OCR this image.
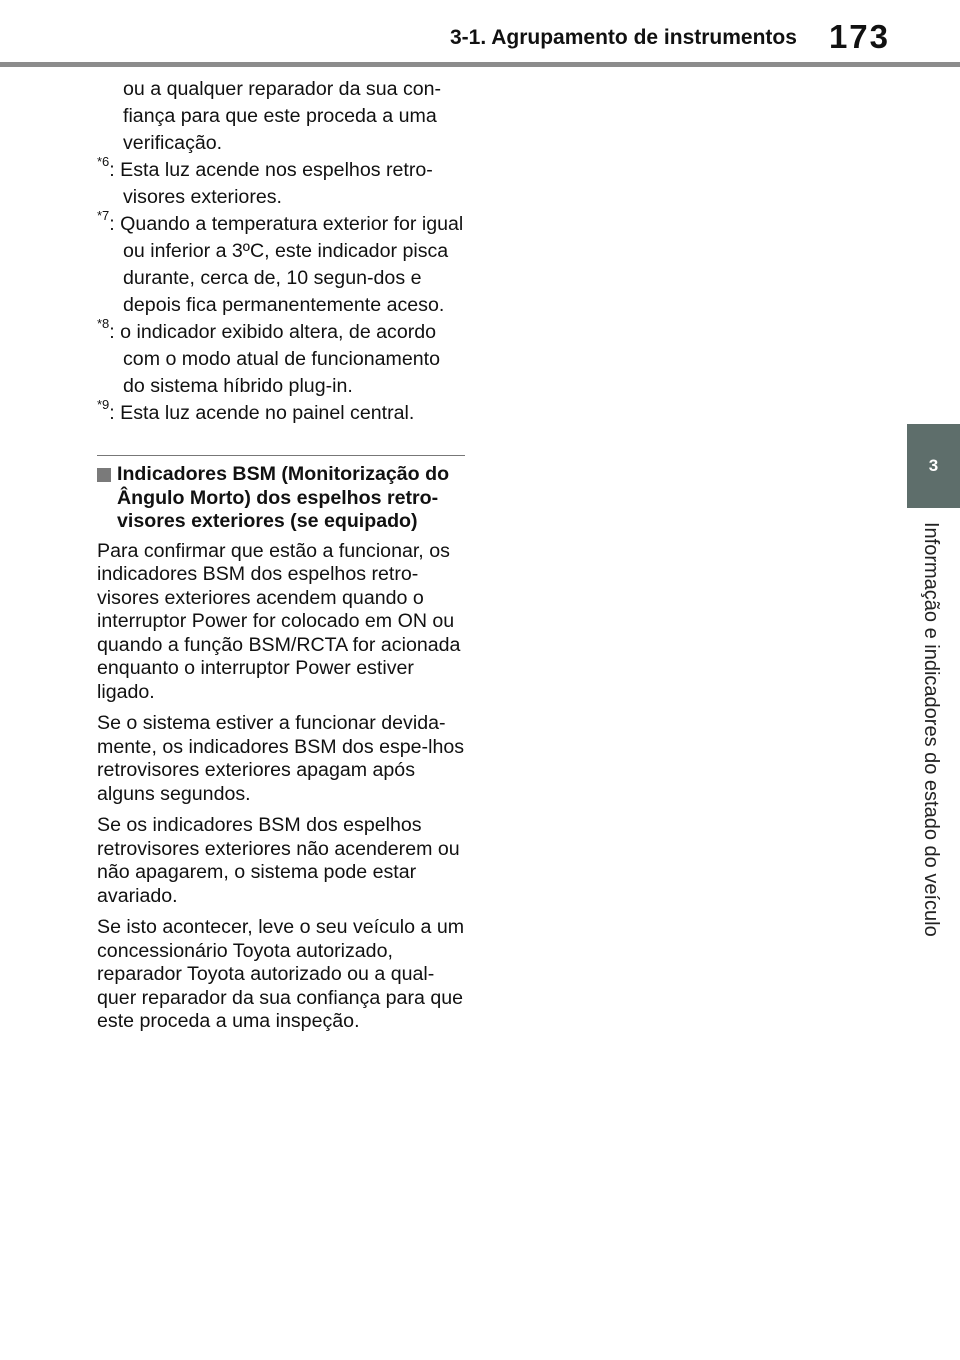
3-1. Agrupamento de instrumentos 173
3
Informação e indicadores do estado do veículo

ou a qualquer reparador da sua con-fiança para que este proceda a uma verificação.

$^{*6}$: Esta luz acende nos espelhos retro-visores exteriores.

$^{*7}$: Quando a temperatura exterior for igual ou inferior a 3ºC, este indicador pisca durante, cerca de, 10 segun-dos e depois fica permanentemente aceso.

$^{*8}$: o indicador exibido altera, de acordo com o modo atual de funcionamento do sistema híbrido plug-in.

$^{*9}$: Esta luz acende no painel central.

Indicadores BSM (Monitorização do Ângulo Morto) dos espelhos retro-visores exteriores (se equipado)

Para confirmar que estão a funcionar, os indicadores BSM dos espelhos retro-visores exteriores acendem quando o interruptor Power for colocado em ON ou quando a função BSM/RCTA for acionada enquanto o interruptor Power estiver ligado.

Se o sistema estiver a funcionar devida-mente, os indicadores BSM dos espe-lhos retrovisores exteriores apagam após alguns segundos.

Se os indicadores BSM dos espelhos retrovisores exteriores não acenderem ou não apagarem, o sistema pode estar avariado.

Se isto acontecer, leve o seu veículo a um concessionário Toyota autorizado, reparador Toyota autorizado ou a qual-quer reparador da sua confiança para que este proceda a uma inspeção.
